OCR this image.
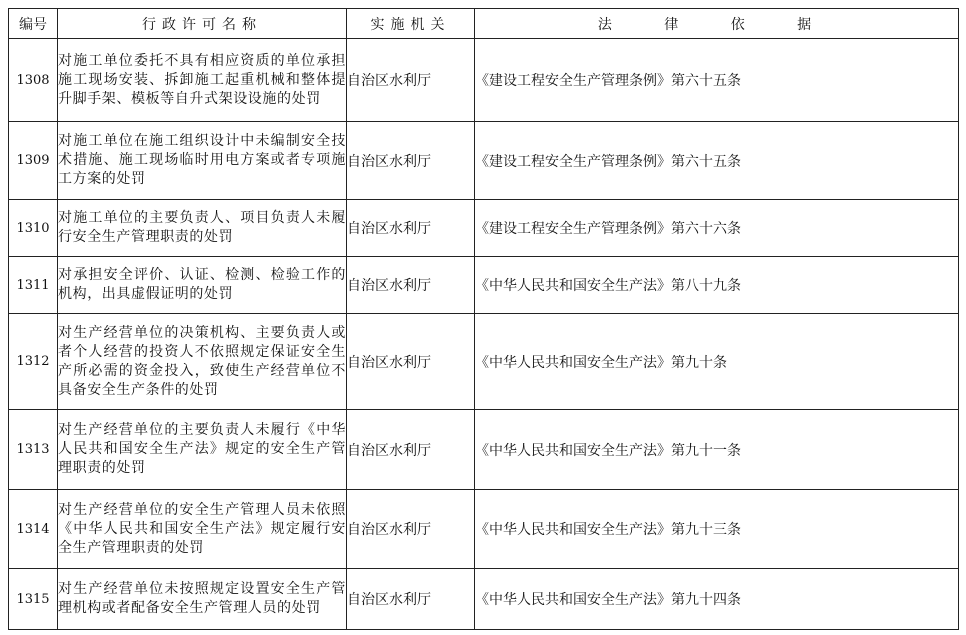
编号	行政许可名称	实施机关	法 律 依 据
1308	对施工单位委托不具有相应资质的单位承担施工现场安装、拆卸施工起重机械和整体提升脚手架、模板等自升式架设设施的处罚	自治区水利厅	《建设工程安全生产管理条例》第六十五条
1309	对施工单位在施工组织设计中未编制安全技术措施、施工现场临时用电方案或者专项施工方案的处罚	自治区水利厅	《建设工程安全生产管理条例》第六十五条
1310	对施工单位的主要负责人、项目负责人未履行安全生产管理职责的处罚	自治区水利厅	《建设工程安全生产管理条例》第六十六条
1311	对承担安全评价、认证、检测、检验工作的机构，出具虚假证明的处罚	自治区水利厅	《中华人民共和国安全生产法》第八十九条
1312	对生产经营单位的决策机构、主要负责人或者个人经营的投资人不依照规定保证安全生产所必需的资金投入，致使生产经营单位不具备安全生产条件的处罚	自治区水利厅	《中华人民共和国安全生产法》第九十条
1313	对生产经营单位的主要负责人未履行《中华人民共和国安全生产法》规定的安全生产管理职责的处罚	自治区水利厅	《中华人民共和国安全生产法》第九十一条
1314	对生产经营单位的安全生产管理人员未依照《中华人民共和国安全生产法》规定履行安全生产管理职责的处罚	自治区水利厅	《中华人民共和国安全生产法》第九十三条
1315	对生产经营单位未按照规定设置安全生产管理机构或者配备安全生产管理人员的处罚	自治区水利厅	《中华人民共和国安全生产法》第九十四条
